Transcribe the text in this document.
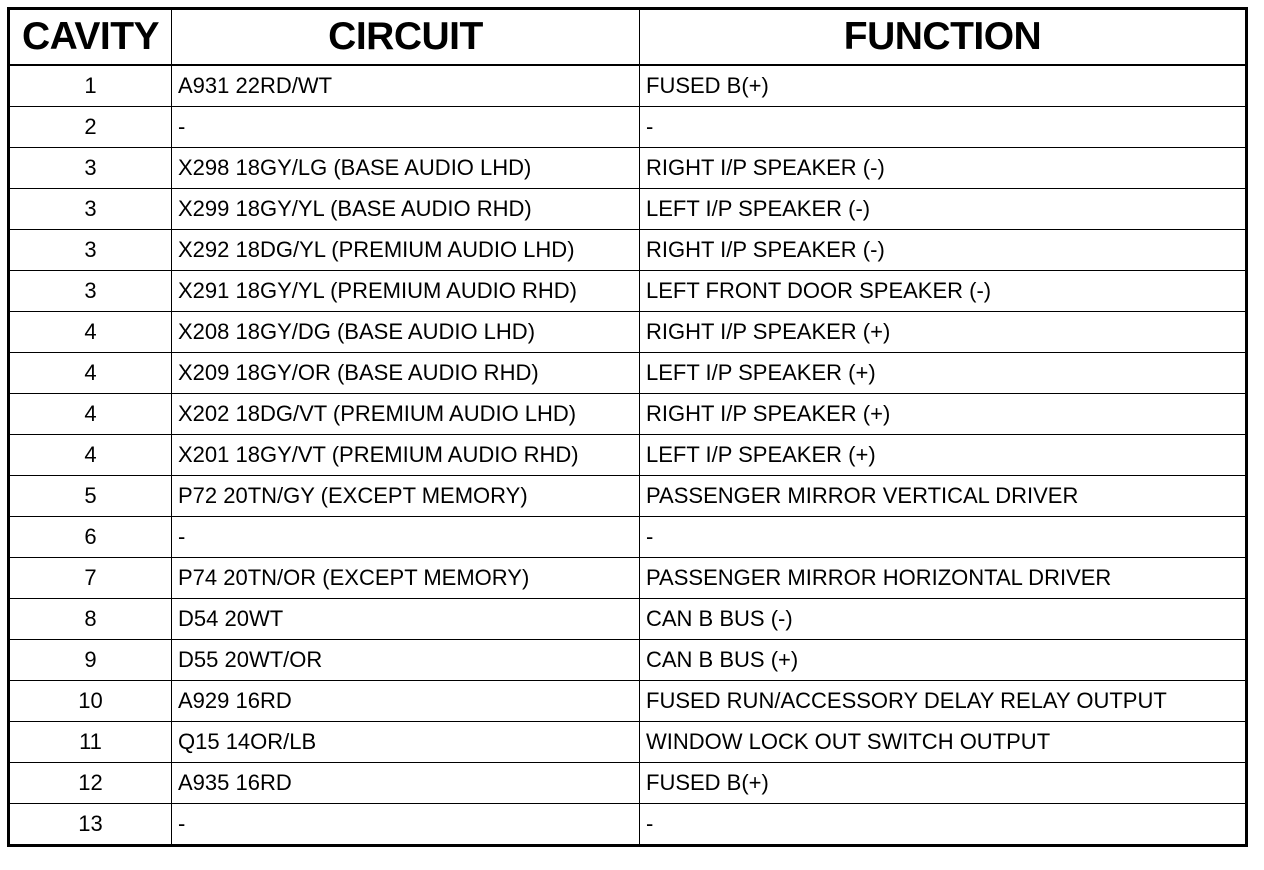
CAVITY	CIRCUIT	FUNCTION
1	A931 22RD/WT	FUSED B(+)
2	-	-
3	X298 18GY/LG (BASE AUDIO LHD)	RIGHT I/P SPEAKER (-)
3	X299 18GY/YL (BASE AUDIO RHD)	LEFT I/P SPEAKER (-)
3	X292 18DG/YL (PREMIUM AUDIO LHD)	RIGHT I/P SPEAKER (-)
3	X291 18GY/YL (PREMIUM AUDIO RHD)	LEFT FRONT DOOR SPEAKER (-)
4	X208 18GY/DG (BASE AUDIO LHD)	RIGHT I/P SPEAKER (+)
4	X209 18GY/OR (BASE AUDIO RHD)	LEFT I/P SPEAKER (+)
4	X202 18DG/VT (PREMIUM AUDIO LHD)	RIGHT I/P SPEAKER (+)
4	X201 18GY/VT (PREMIUM AUDIO RHD)	LEFT I/P SPEAKER (+)
5	P72 20TN/GY (EXCEPT MEMORY)	PASSENGER MIRROR VERTICAL DRIVER
6	-	-
7	P74 20TN/OR (EXCEPT MEMORY)	PASSENGER MIRROR HORIZONTAL DRIVER
8	D54 20WT	CAN B BUS (-)
9	D55 20WT/OR	CAN B BUS (+)
10	A929 16RD	FUSED RUN/ACCESSORY DELAY RELAY OUTPUT
11	Q15 14OR/LB	WINDOW LOCK OUT SWITCH OUTPUT
12	A935 16RD	FUSED B(+)
13	-	-
